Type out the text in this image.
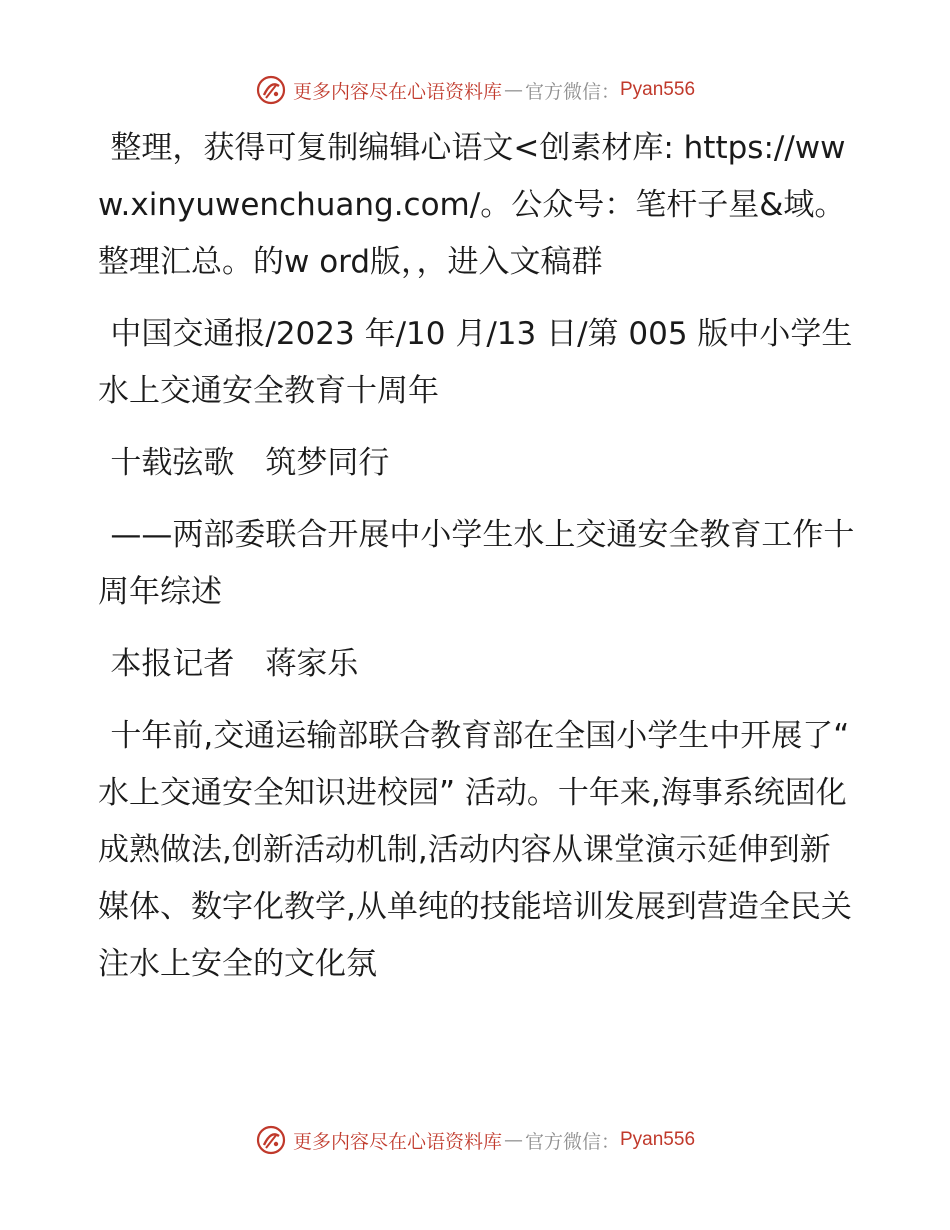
更多内容尽在心语资料库 — 官方微信： Pyan556

整理，获得可复制编辑心语文<创素材库: https://www.xinyuwenchuang.com/。公众号：笔杆子星&域。整理汇总。的w ord版，，进入文稿群

中国交通报/2023 年/10 月/13 日/第 005 版中小学生水上交通安全教育十周年

十载弦歌　筑梦同行

——两部委联合开展中小学生水上交通安全教育工作十周年综述

本报记者　蒋家乐

十年前,交通运输部联合教育部在全国小学生中开展了“ 水上交通安全知识进校园” 活动。十年来,海事系统固化成熟做法,创新活动机制,活动内容从课堂演示延伸到新媒体、数字化教学,从单纯的技能培训发展到营造全民关注水上安全的文化氛

更多内容尽在心语资料库 — 官方微信： Pyan556
